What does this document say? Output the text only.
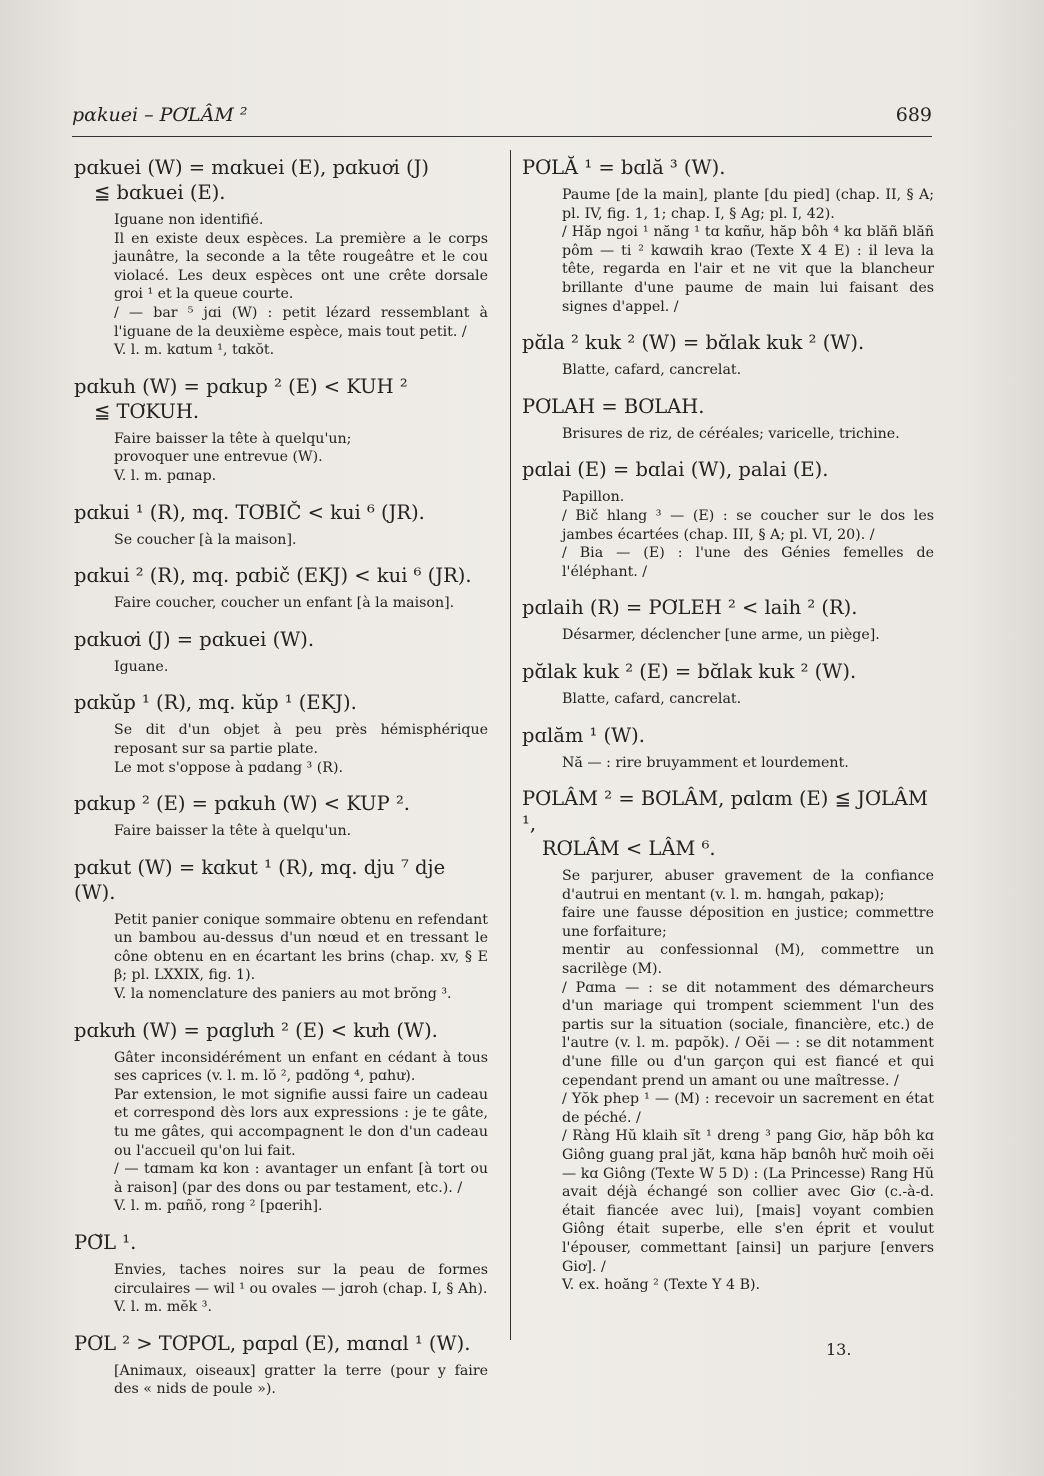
pɑkuei – PƠLÂM ²	689
pɑkuei (W) = mɑkuei (E), pɑkuơi (J)
≦ bɑkuei (E).

Iguane non identifié.

Il en existe deux espèces. La première a le corps jaunâtre, la seconde a la tête rougeâtre et le cou violacé. Les deux espèces ont une crête dorsale groi ¹ et la queue courte.

/ — bar ⁵ jɑi (W) : petit lézard ressemblant à l'iguane de la deuxième espèce, mais tout petit. /

V. l. m. kɑtum ¹, tɑkŏt.

pɑkuh (W) = pɑkup ² (E) < KUH ²
≦ TƠKUH.

Faire baisser la tête à quelqu'un;

provoquer une entrevue (W).

V. l. m. pɑnap.

pɑkui ¹ (R), mq. TƠBIČ < kui ⁶ (JR).

Se coucher [à la maison].

pɑkui ² (R), mq. pɑbič (EKJ) < kui ⁶ (JR).

Faire coucher, coucher un enfant [à la maison].

pɑkuơi (J) = pɑkuei (W).

Iguane.

pɑkŭp ¹ (R), mq. kŭp ¹ (EKJ).

Se dit d'un objet à peu près hémisphérique reposant sur sa partie plate.

Le mot s'oppose à pɑdang ³ (R).

pɑkup ² (E) = pɑkuh (W) < KUP ².

Faire baisser la tête à quelqu'un.

pɑkut (W) = kɑkut ¹ (R), mq. dju ⁷ dje (W).

Petit panier conique sommaire obtenu en refendant un bambou au-dessus d'un nœud et en tressant le cône obtenu en en écartant les brins (chap. xv, § E β; pl. LXXIX, fig. 1).

V. la nomenclature des paniers au mot brŏng ³.

pɑkưh (W) = pɑglưh ² (E) < kưh (W).

Gâter inconsidérément un enfant en cédant à tous ses caprices (v. l. m. lŏ ², pɑdŏng ⁴, pɑhư).

Par extension, le mot signifie aussi faire un cadeau et correspond dès lors aux expressions : je te gâte, tu me gâtes, qui accompagnent le don d'un cadeau ou l'accueil qu'on lui fait.

/ — tɑmam kɑ kon : avantager un enfant [à tort ou à raison] (par des dons ou par testament, etc.). /

V. l. m. pɑñŏ, rong ² [pɑerih].

PƠ̆L ¹.

Envies, taches noires sur la peau de formes circulaires — wil ¹ ou ovales — jɑroh (chap. I, § Ah).

V. l. m. mĕk ³.

PƠL ² > TƠPƠL, pɑpɑl (E), mɑnɑl ¹ (W).

[Animaux, oiseaux] gratter la terre (pour y faire des « nids de poule »).

PƠLĂ ¹ = bɑlă ³ (W).

Paume [de la main], plante [du pied] (chap. II, § A; pl. IV, fig. 1, 1; chap. I, § Ag; pl. I, 42).

/ Hăp ngoi ¹ năng ¹ tɑ kɑñư, hăp bôh ⁴ kɑ blăñ blăñ pôm — ti ² kɑwɑih krao (Texte X 4 E) : il leva la tête, regarda en l'air et ne vit que la blancheur brillante d'une paume de main lui faisant des signes d'appel. /

pɑ̆la ² kuk ² (W) = bɑ̆lak kuk ² (W).

Blatte, cafard, cancrelat.

PƠLAH = BƠLAH.

Brisures de riz, de céréales; varicelle, trichine.

pɑlai (E) = bɑlai (W), palai (E).

Papillon.

/ Bič hlang ³ — (E) : se coucher sur le dos les jambes écartées (chap. III, § A; pl. VI, 20). /

/ Bia — (E) : l'une des Génies femelles de l'éléphant. /

pɑlaih (R) = PƠLEH ² < laih ² (R).

Désarmer, déclencher [une arme, un piège].

pɑ̆lak kuk ² (E) = bɑ̆lak kuk ² (W).

Blatte, cafard, cancrelat.

pɑlăm ¹ (W).

Nă — : rire bruyamment et lourdement.

PƠLÂM ² = BƠLÂM, pɑlɑm (E) ≦ JƠLÂM ¹,
RƠLÂM < LÂM ⁶.

Se parjurer, abuser gravement de la confiance d'autrui en mentant (v. l. m. hɑngah, pɑkap);

faire une fausse déposition en justice; commettre une forfaiture;

mentir au confessionnal (M), commettre un sacrilège (M).

/ Pɑma — : se dit notamment des démarcheurs d'un mariage qui trompent sciemment l'un des partis sur la situation (sociale, financière, etc.) de l'autre (v. l. m. pɑpŏk). / Oĕi — : se dit notamment d'une fille ou d'un garçon qui est fiancé et qui cependant prend un amant ou une maîtresse. /

/ Yŏk phep ¹ — (M) : recevoir un sacrement en état de péché. /

/ Ràng Hŭ klaih sĭt ¹ dreng ³ pang Giơ, hăp bôh kɑ Giông guang pral jăt, kɑna hăp bɑnôh hưč moih oĕi — kɑ Giông (Texte W 5 D) : (La Princesse) Rang Hŭ avait déjà échangé son collier avec Giơ (c.-à-d. était fiancée avec lui), [mais] voyant combien Giông était superbe, elle s'en éprit et voulut l'épouser, commettant [ainsi] un parjure [envers Giơ]. /

V. ex. hoăng ² (Texte Y 4 B).

13.
